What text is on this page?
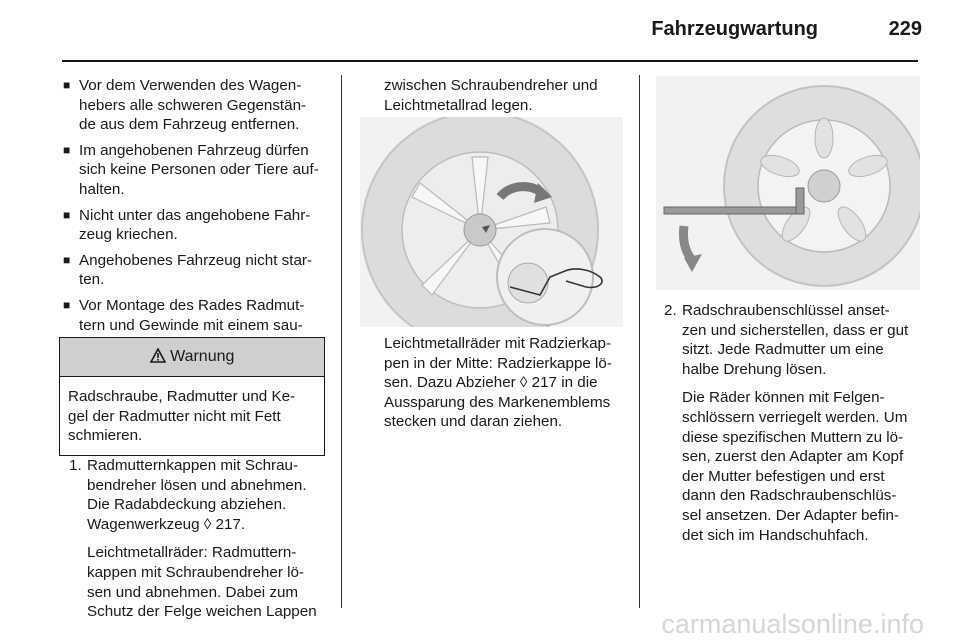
Fahrzeugwartung	229
■ Vor dem Verwenden des Wagen-
hebers alle schweren Gegenstän-
de aus dem Fahrzeug entfernen.
■ Im angehobenen Fahrzeug dürfen
sich keine Personen oder Tiere auf-
halten.
■ Nicht unter das angehobene Fahr-
zeug kriechen.
■ Angehobenes Fahrzeug nicht star-
ten.
■ Vor Montage des Rades Radmut-
tern und Gewinde mit einem sau-
Warnung
Radschraube, Radmutter und Ke-
gel der Radmutter nicht mit Fett
schmieren.
1. Radmutternkappen mit Schrau-
bendreher lösen und abnehmen.
Die Radabdeckung abziehen.
Wagenwerkzeug ◊ 217.
Leichtmetallräder: Radmuttern-
kappen mit Schraubendreher lö-
sen und abnehmen. Dabei zum
Schutz der Felge weichen Lappen
zwischen Schraubendreher und
Leichtmetallrad legen.
Leichtmetallräder mit Radzierkap-
pen in der Mitte: Radzierkappe lö-
sen. Dazu Abzieher ◊ 217 in die
Aussparung des Markenemblems
stecken und daran ziehen.
2. Radschraubenschlüssel anset-
zen und sicherstellen, dass er gut
sitzt. Jede Radmutter um eine
halbe Drehung lösen.
Die Räder können mit Felgen-
schlössern verriegelt werden. Um
diese spezifischen Muttern zu lö-
sen, zuerst den Adapter am Kopf
der Mutter befestigen und erst
dann den Radschraubenschlüs-
sel ansetzen. Der Adapter befin-
det sich im Handschuhfach.
carmanualsonline.info
